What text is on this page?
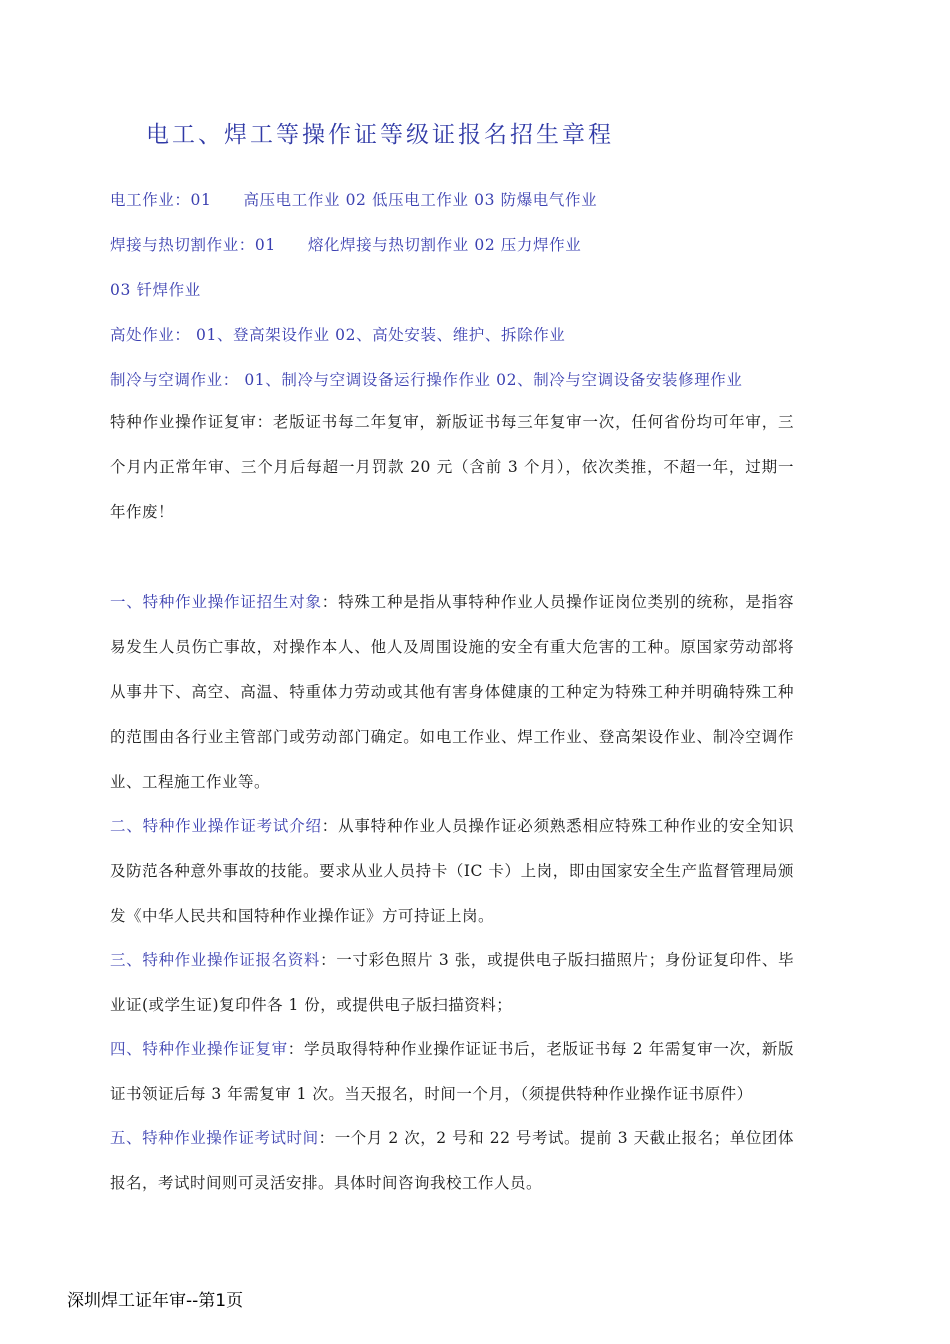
电工、焊工等操作证等级证报名招生章程
电工作业：01 高压电工作业 02 低压电工作业 03 防爆电气作业
焊接与热切割作业：01 熔化焊接与热切割作业 02 压力焊作业
03 钎焊作业
高处作业： 01、登高架设作业 02、高处安装、维护、拆除作业
制冷与空调作业： 01、制冷与空调设备运行操作作业 02、制冷与空调设备安装修理作业
特种作业操作证复审：老版证书每二年复审，新版证书每三年复审一次，任何省份均可年审，三个月内正常年审、三个月后每超一月罚款 20 元（含前 3 个月），依次类推，不超一年，过期一年作废！
一、特种作业操作证招生对象：特殊工种是指从事特种作业人员操作证岗位类别的统称，是指容易发生人员伤亡事故，对操作本人、他人及周围设施的安全有重大危害的工种。原国家劳动部将从事井下、高空、高温、特重体力劳动或其他有害身体健康的工种定为特殊工种并明确特殊工种的范围由各行业主管部门或劳动部门确定。如电工作业、焊工作业、登高架设作业、制冷空调作业、工程施工作业等。
二、特种作业操作证考试介绍：从事特种作业人员操作证必须熟悉相应特殊工种作业的安全知识及防范各种意外事故的技能。要求从业人员持卡（IC 卡）上岗，即由国家安全生产监督管理局颁发《中华人民共和国特种作业操作证》方可持证上岗。
三、特种作业操作证报名资料：一寸彩色照片 3 张，或提供电子版扫描照片；身份证复印件、毕业证(或学生证)复印件各 1 份，或提供电子版扫描资料；
四、特种作业操作证复审：学员取得特种作业操作证证书后，老版证书每 2 年需复审一次，新版证书领证后每 3 年需复审 1 次。当天报名，时间一个月，（须提供特种作业操作证书原件）
五、特种作业操作证考试时间：一个月 2 次，2 号和 22 号考试。提前 3 天截止报名；单位团体报名，考试时间则可灵活安排。具体时间咨询我校工作人员。
深圳焊工证年审--第1页
